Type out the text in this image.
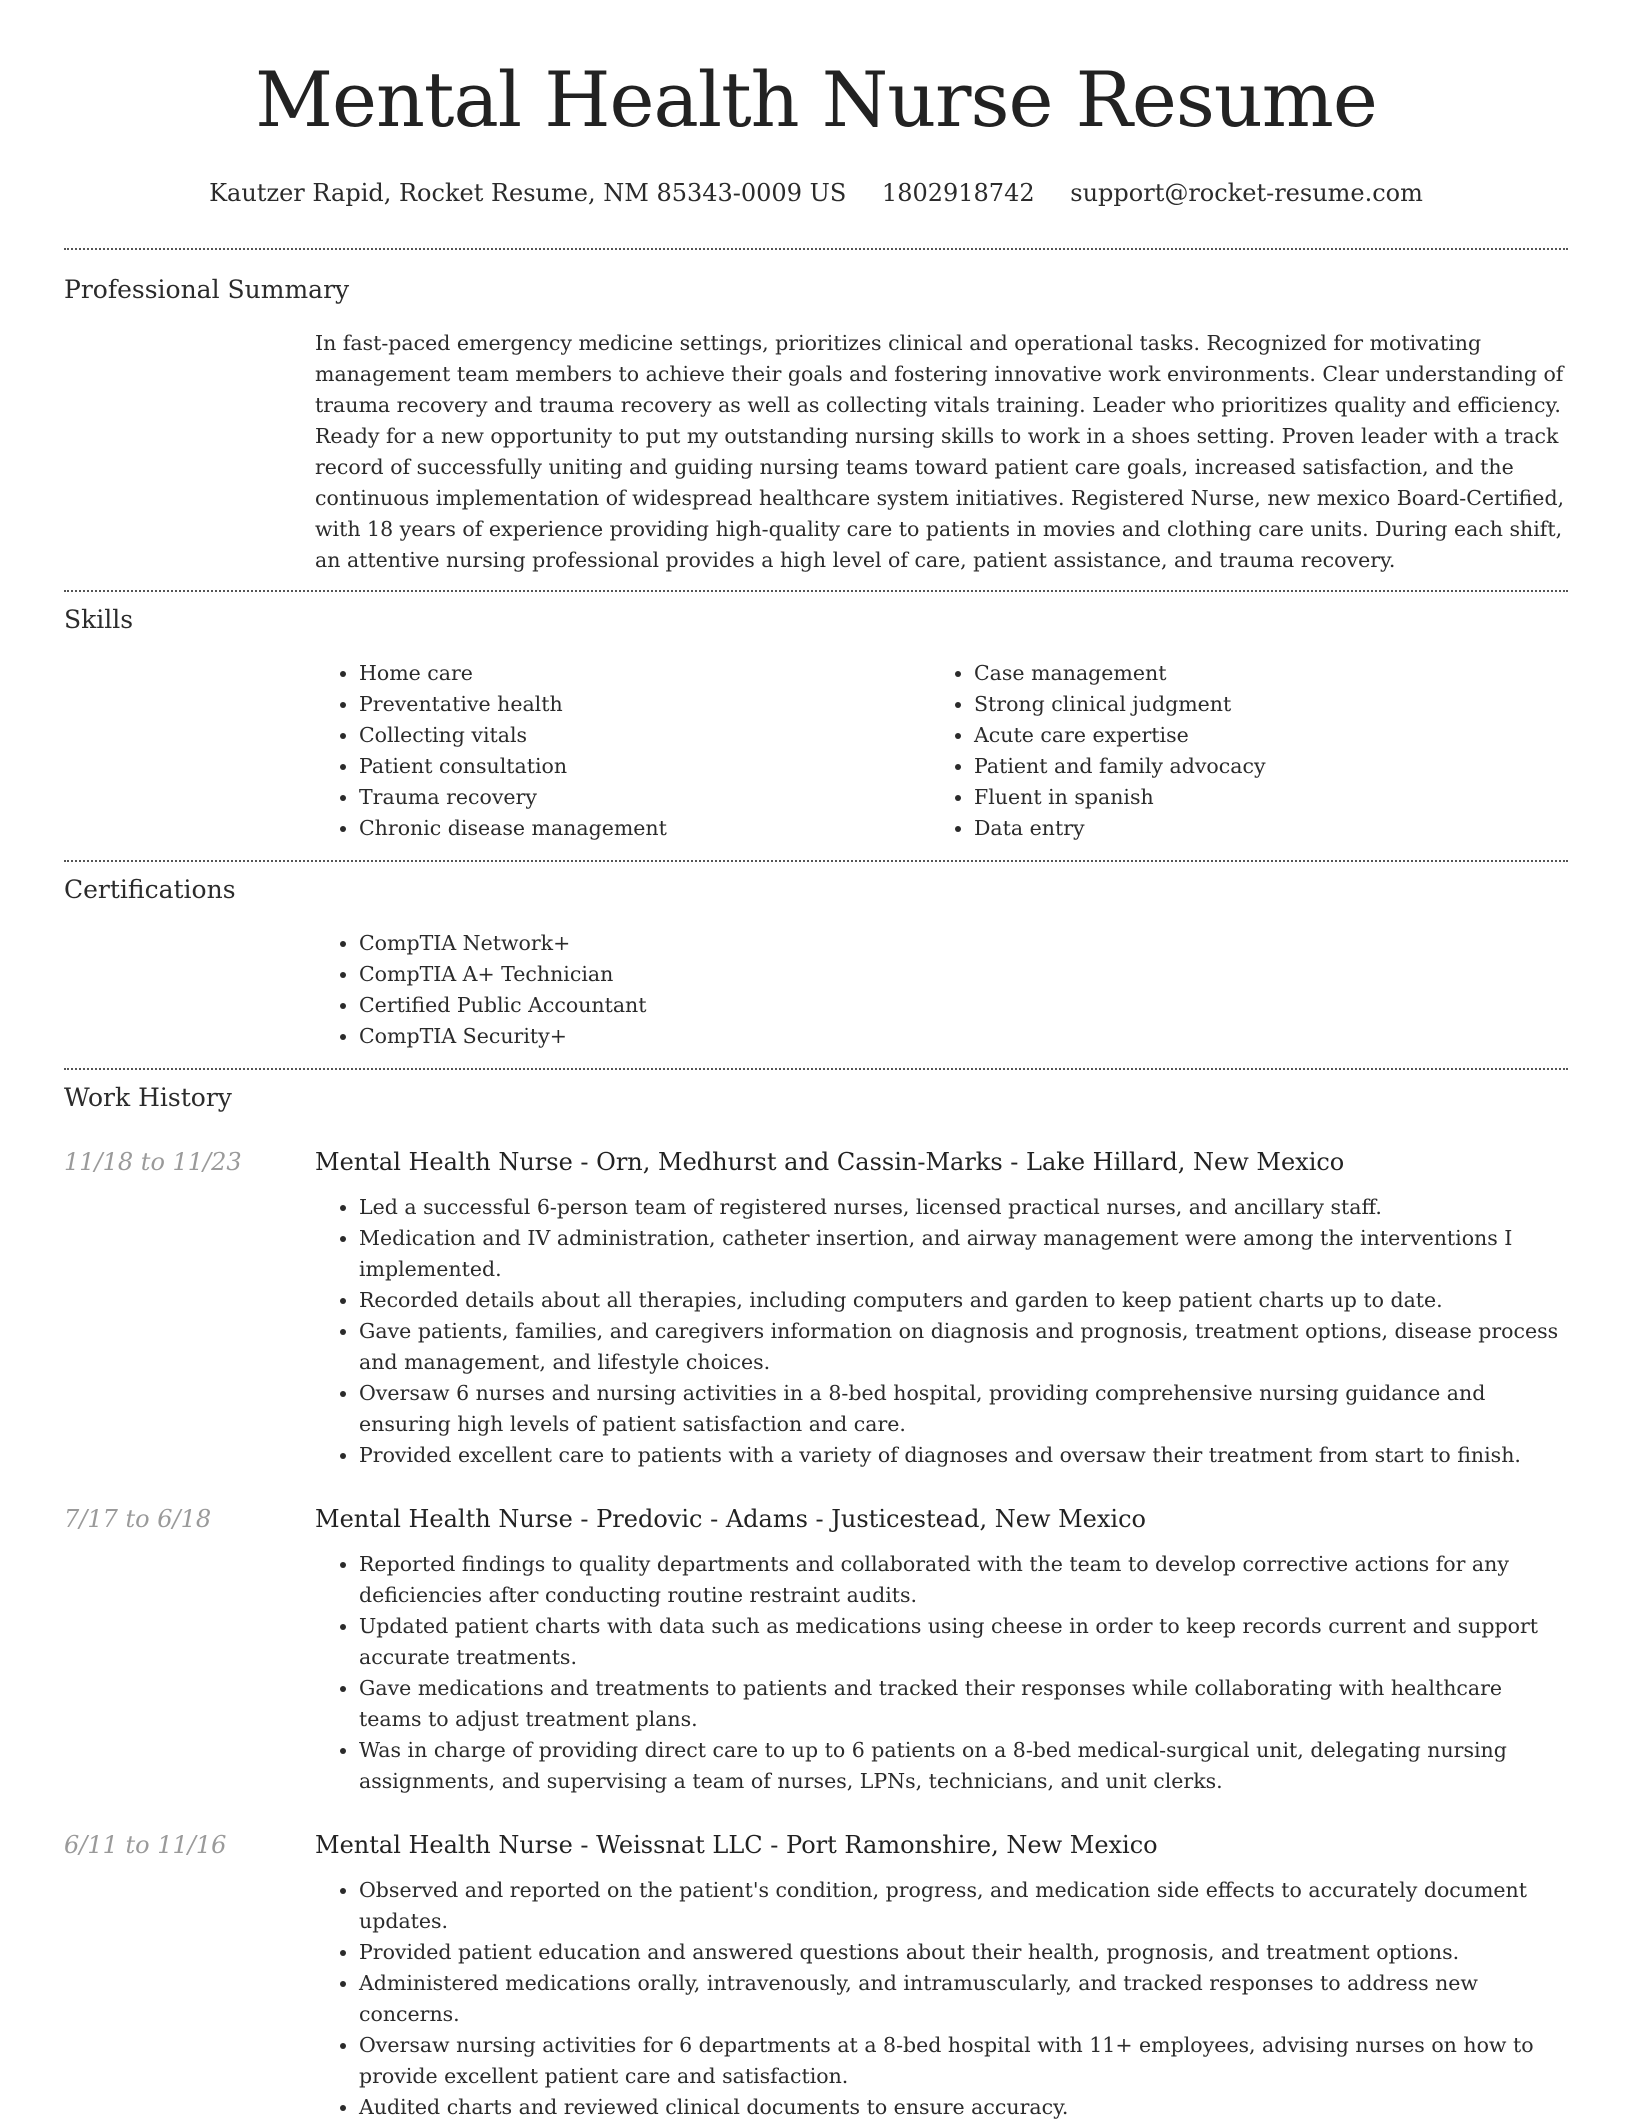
Mental Health Nurse Resume
Kautzer Rapid, Rocket Resume, NM 85343-0009 US 1802918742 support@rocket-resume.com
Professional Summary
In fast-paced emergency medicine settings, prioritizes clinical and operational tasks. Recognized for motivating management team members to achieve their goals and fostering innovative work environments. Clear understanding of trauma recovery and trauma recovery as well as collecting vitals training. Leader who prioritizes quality and efficiency. Ready for a new opportunity to put my outstanding nursing skills to work in a shoes setting. Proven leader with a track record of successfully uniting and guiding nursing teams toward patient care goals, increased satisfaction, and the continuous implementation of widespread healthcare system initiatives. Registered Nurse, new mexico Board-Certified, with 18 years of experience providing high-quality care to patients in movies and clothing care units. During each shift, an attentive nursing professional provides a high level of care, patient assistance, and trauma recovery.
Skills
• Home care
• Preventative health
• Collecting vitals
• Patient consultation
• Trauma recovery
• Chronic disease management
• Case management
• Strong clinical judgment
• Acute care expertise
• Patient and family advocacy
• Fluent in spanish
• Data entry
Certifications
• CompTIA Network+
• CompTIA A+ Technician
• Certified Public Accountant
• CompTIA Security+
Work History
11/18 to 11/23	Mental Health Nurse - Orn, Medhurst and Cassin-Marks - Lake Hillard, New Mexico
• Led a successful 6-person team of registered nurses, licensed practical nurses, and ancillary staff.
• Medication and IV administration, catheter insertion, and airway management were among the interventions I implemented.
• Recorded details about all therapies, including computers and garden to keep patient charts up to date.
• Gave patients, families, and caregivers information on diagnosis and prognosis, treatment options, disease process and management, and lifestyle choices.
• Oversaw 6 nurses and nursing activities in a 8-bed hospital, providing comprehensive nursing guidance and ensuring high levels of patient satisfaction and care.
• Provided excellent care to patients with a variety of diagnoses and oversaw their treatment from start to finish.
7/17 to 6/18	Mental Health Nurse - Predovic - Adams - Justicestead, New Mexico
• Reported findings to quality departments and collaborated with the team to develop corrective actions for any deficiencies after conducting routine restraint audits.
• Updated patient charts with data such as medications using cheese in order to keep records current and support accurate treatments.
• Gave medications and treatments to patients and tracked their responses while collaborating with healthcare teams to adjust treatment plans.
• Was in charge of providing direct care to up to 6 patients on a 8-bed medical-surgical unit, delegating nursing assignments, and supervising a team of nurses, LPNs, technicians, and unit clerks.
6/11 to 11/16	Mental Health Nurse - Weissnat LLC - Port Ramonshire, New Mexico
• Observed and reported on the patient's condition, progress, and medication side effects to accurately document updates.
• Provided patient education and answered questions about their health, prognosis, and treatment options.
• Administered medications orally, intravenously, and intramuscularly, and tracked responses to address new concerns.
• Oversaw nursing activities for 6 departments at a 8-bed hospital with 11+ employees, advising nurses on how to provide excellent patient care and satisfaction.
• Audited charts and reviewed clinical documents to ensure accuracy.
